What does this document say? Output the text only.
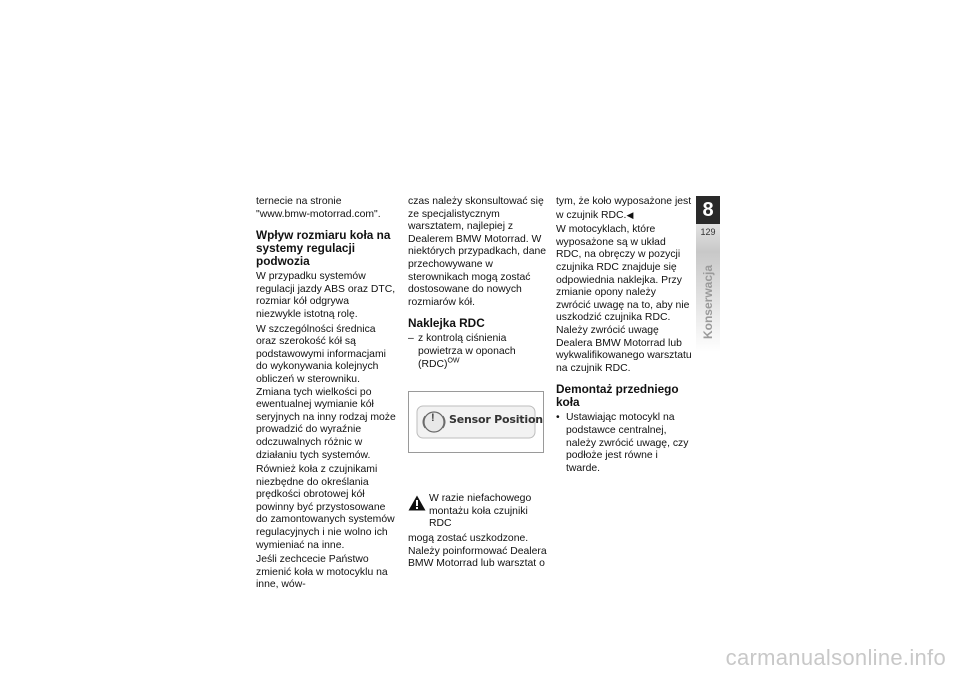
ternecie na stronie "www.bmw-motorrad.com".

Wpływ rozmiaru koła na systemy regulacji podwozia

W przypadku systemów regulacji jazdy ABS oraz DTC, rozmiar kół odgrywa niezwykle istotną rolę.

W szczególności średnica oraz szerokość kół są podstawowymi informacjami do wykonywania kolejnych obliczeń w sterowniku. Zmiana tych wielkości po ewentualnej wymianie kół seryjnych na inny rodzaj może prowadzić do wyraźnie odczuwalnych różnic w działaniu tych systemów.

Również koła z czujnikami niezbędne do określania prędkości obrotowej kół powinny być przystosowane do zamontowanych systemów regulacyjnych i nie wolno ich wymieniać na inne.

Jeśli zechcecie Państwo zmienić koła w motocyklu na inne, wów-

czas należy skonsultować się ze specjalistycznym warsztatem, najlepiej z Dealerem BMW Motorrad. W niektórych przypadkach, dane przechowywane w sterownikach mogą zostać dostosowane do nowych rozmiarów kół.

Naklejka RDC
– z kontrolą ciśnienia powietrza w oponach (RDC)$^{OW}$
! Sensor Position

W razie niefachowego montażu koła czujniki RDC

mogą zostać uszkodzone. Należy poinformować Dealera BMW Motorrad lub warsztat o

tym, że koło wyposażone jest w czujnik RDC.◀

W motocyklach, które wyposażone są w układ RDC, na obręczy w pozycji czujnika RDC znajduje się odpowiednia naklejka. Przy zmianie opony należy zwrócić uwagę na to, aby nie uszkodzić czujnika RDC. Należy zwrócić uwagę Dealera BMW Motorrad lub wykwalifikowanego warsztatu na czujnik RDC.

Demontaż przedniego koła
• Ustawiając motocykl na podstawce centralnej, należy zwrócić uwagę, czy podłoże jest równe i twarde.
8
129
Konserwacja
carmanualsonline.info
